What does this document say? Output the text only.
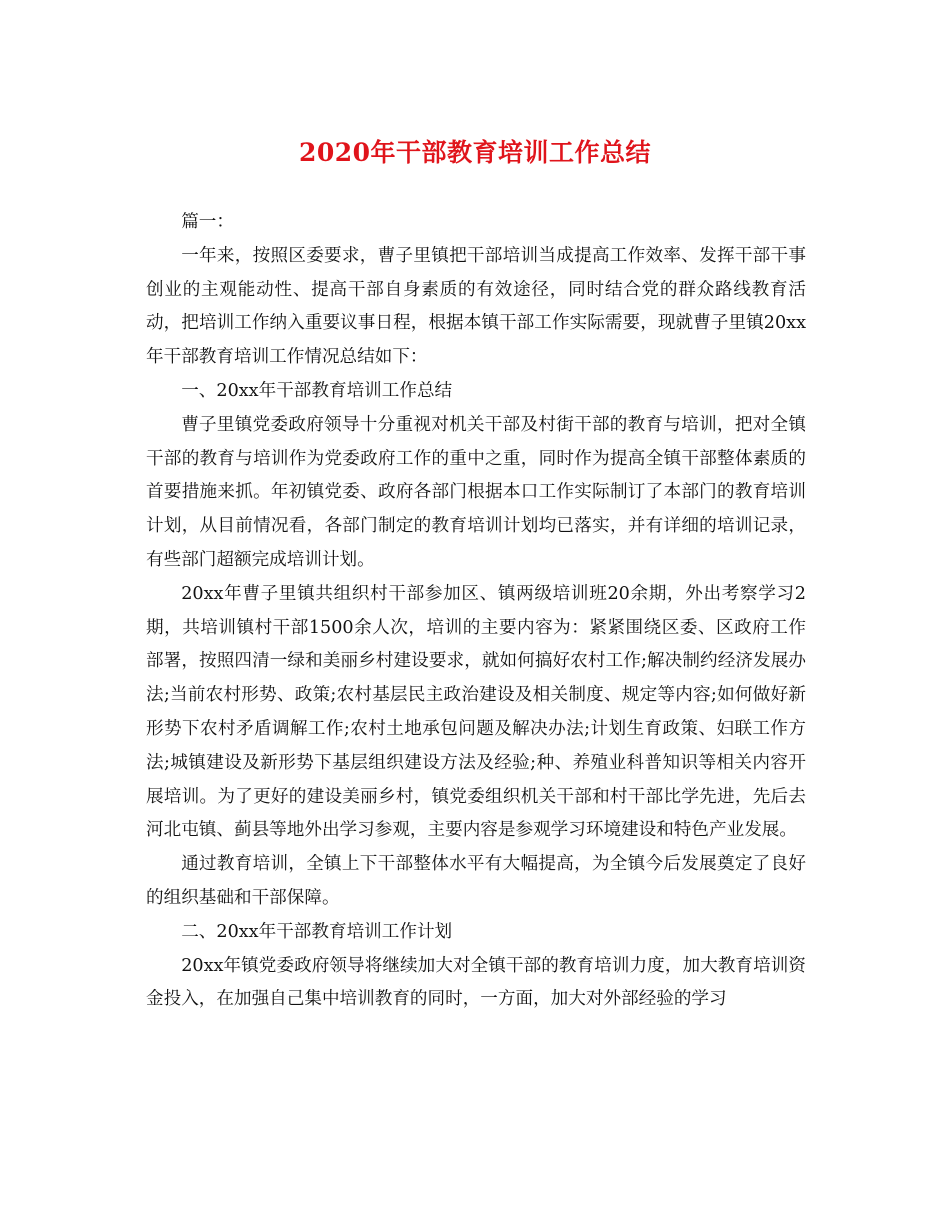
2020年干部教育培训工作总结

篇一：

一年来，按照区委要求，曹子里镇把干部培训当成提高工作效率、发挥干部干事创业的主观能动性、提高干部自身素质的有效途径，同时结合党的群众路线教育活动，把培训工作纳入重要议事日程，根据本镇干部工作实际需要，现就曹子里镇20xx年干部教育培训工作情况总结如下：

一、20xx年干部教育培训工作总结

曹子里镇党委政府领导十分重视对机关干部及村街干部的教育与培训，把对全镇干部的教育与培训作为党委政府工作的重中之重，同时作为提高全镇干部整体素质的首要措施来抓。年初镇党委、政府各部门根据本口工作实际制订了本部门的教育培训计划，从目前情况看，各部门制定的教育培训计划均已落实，并有详细的培训记录，有些部门超额完成培训计划。

20xx年曹子里镇共组织村干部参加区、镇两级培训班20余期，外出考察学习2期，共培训镇村干部1500余人次，培训的主要内容为：紧紧围绕区委、区政府工作部署，按照四清一绿和美丽乡村建设要求，就如何搞好农村工作;解决制约经济发展办法;当前农村形势、政策;农村基层民主政治建设及相关制度、规定等内容;如何做好新形势下农村矛盾调解工作;农村土地承包问题及解决办法;计划生育政策、妇联工作方法;城镇建设及新形势下基层组织建设方法及经验;种、养殖业科普知识等相关内容开展培训。为了更好的建设美丽乡村，镇党委组织机关干部和村干部比学先进，先后去河北屯镇、蓟县等地外出学习参观，主要内容是参观学习环境建设和特色产业发展。

通过教育培训，全镇上下干部整体水平有大幅提高，为全镇今后发展奠定了良好的组织基础和干部保障。

二、20xx年干部教育培训工作计划

20xx年镇党委政府领导将继续加大对全镇干部的教育培训力度，加大教育培训资金投入，在加强自己集中培训教育的同时，一方面，加大对外部经验的学习
